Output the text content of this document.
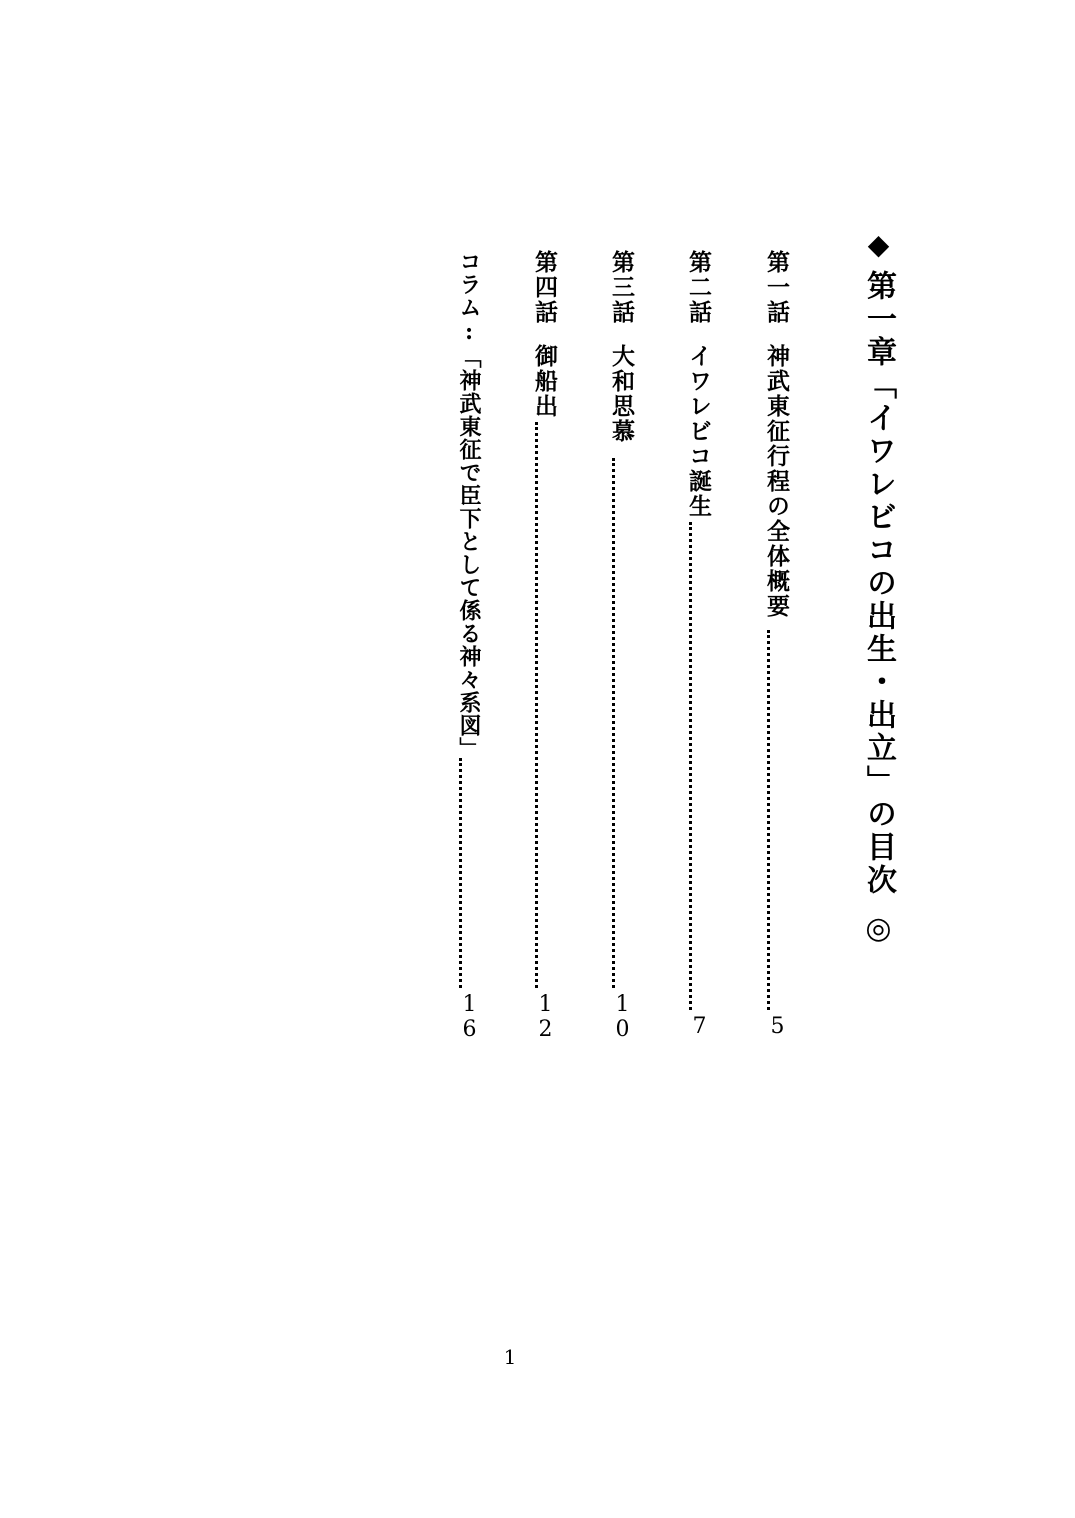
◆
第一章「イワレビコの出生・出立」の目次
◎
第一話
神武東征行程の全体概要
5
第二話
イワレビコ誕生
7
第三話
大和思慕
10
第四話
御船出
12
コラム:「神武東征で臣下として係る神々系図」
16
1
